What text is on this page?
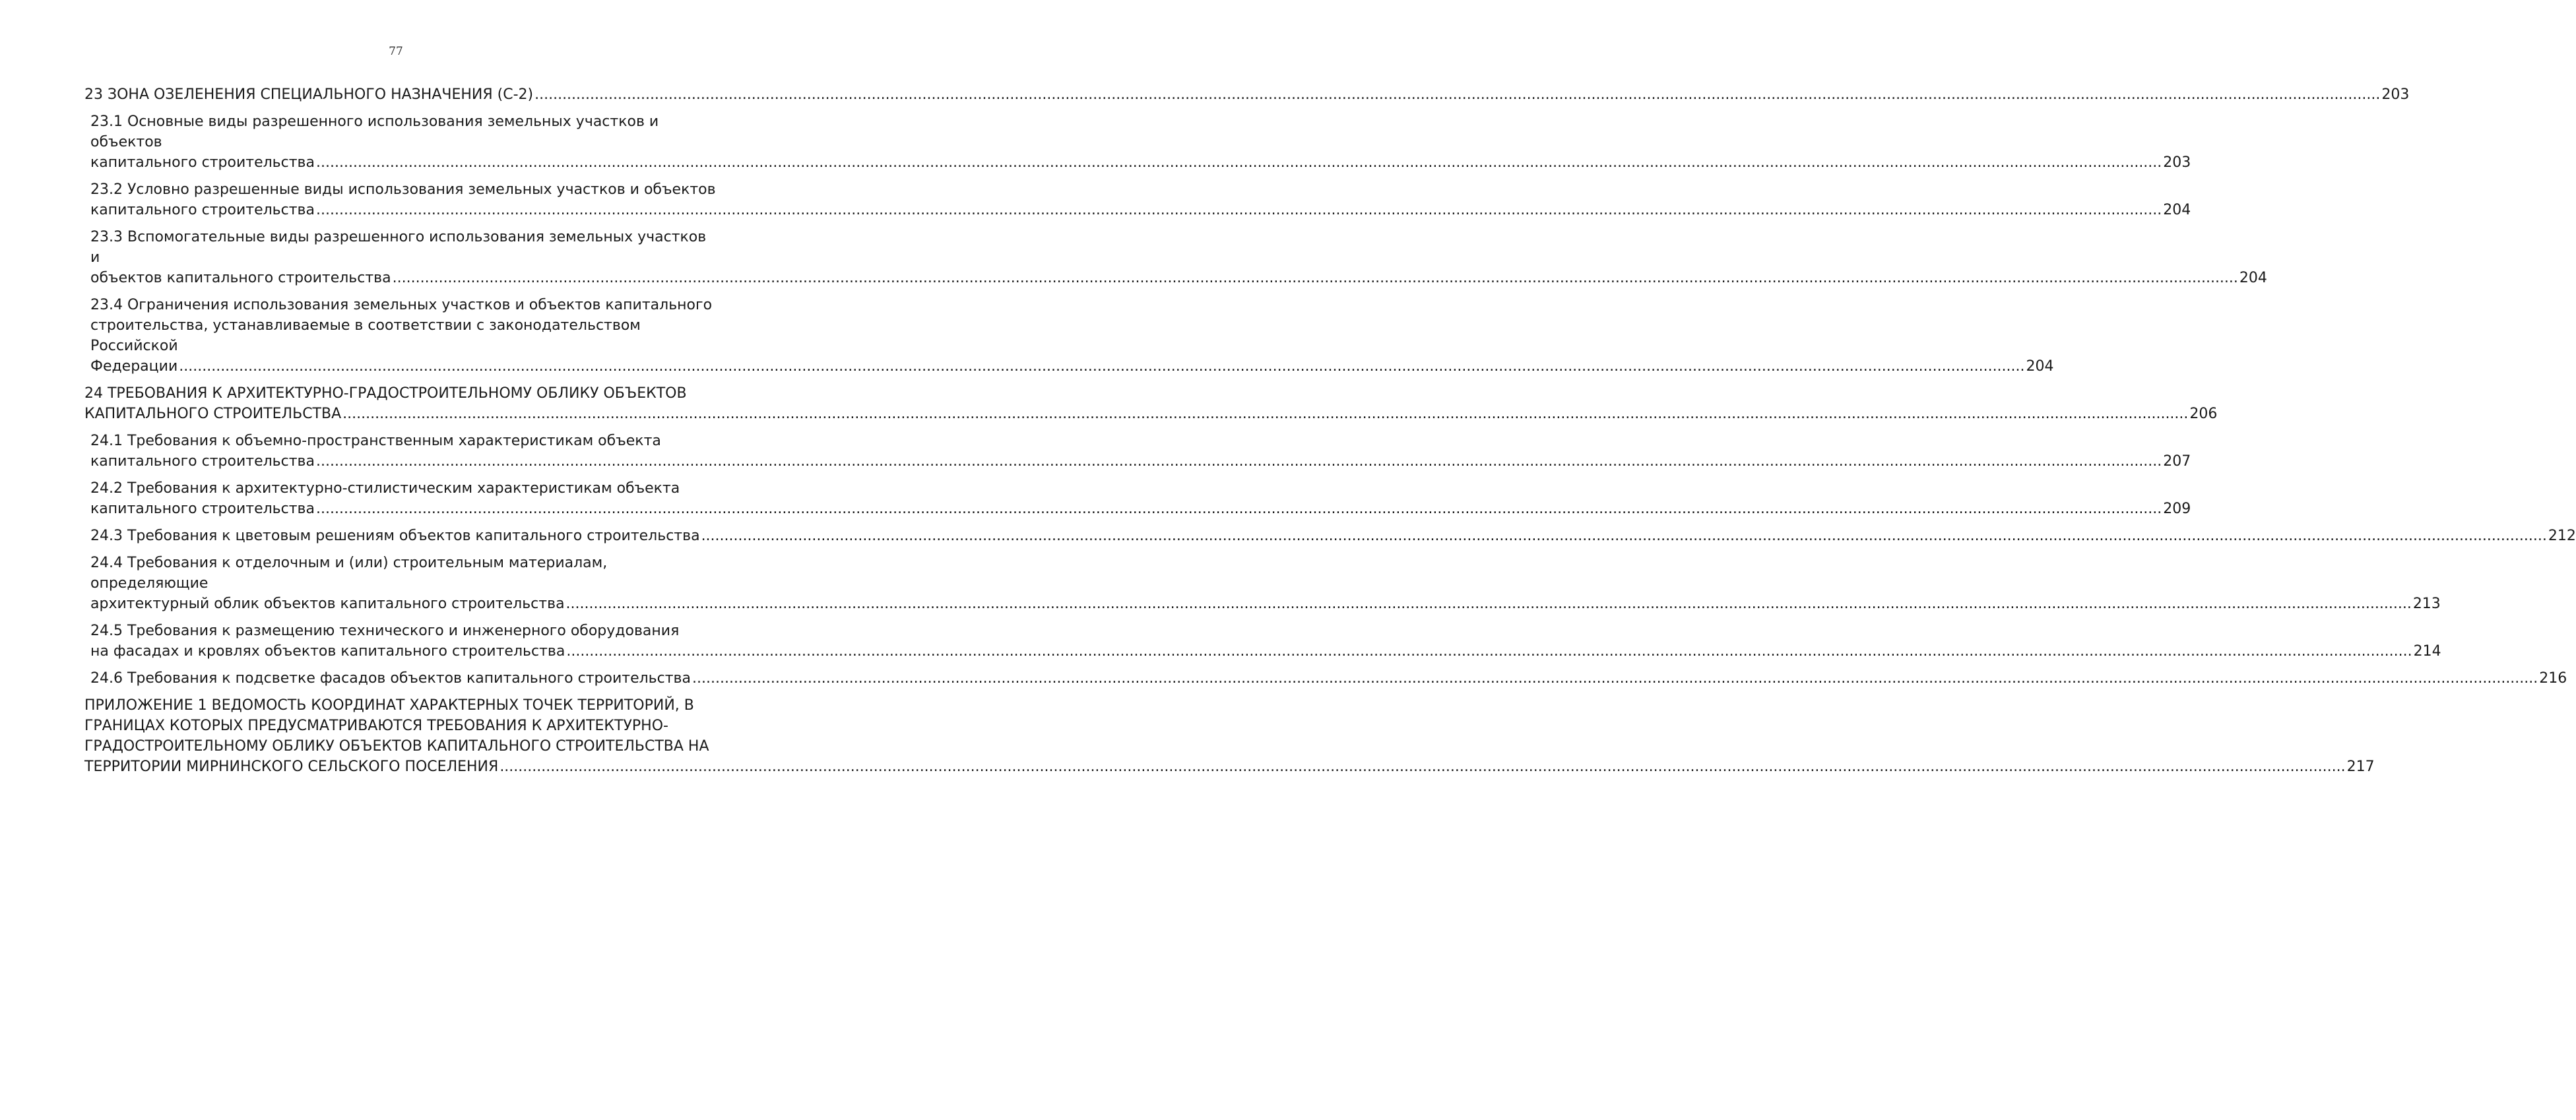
77
23 ЗОНА ОЗЕЛЕНЕНИЯ СПЕЦИАЛЬНОГО НАЗНАЧЕНИЯ (С-2) ................................................................................................................................................................................................................................................................................................................................................................................................................ 203
23.1 Основные виды разрешенного использования земельных участков и объектов
капитального строительства ................................................................................................................................................................................................................................................................................................................................................................................................................ 203
23.2 Условно разрешенные виды использования земельных участков и объектов
капитального строительства ................................................................................................................................................................................................................................................................................................................................................................................................................ 204
23.3 Вспомогательные виды разрешенного использования земельных участков и
объектов капитального строительства ................................................................................................................................................................................................................................................................................................................................................................................................................ 204
23.4 Ограничения использования земельных участков и объектов капитального
строительства, устанавливаемые в соответствии с законодательством Российской
Федерации ................................................................................................................................................................................................................................................................................................................................................................................................................ 204
24 ТРЕБОВАНИЯ К АРХИТЕКТУРНО-ГРАДОСТРОИТЕЛЬНОМУ ОБЛИКУ ОБЪЕКТОВ
КАПИТАЛЬНОГО СТРОИТЕЛЬСТВА ................................................................................................................................................................................................................................................................................................................................................................................................................ 206
24.1 Требования к объемно-пространственным характеристикам объекта
капитального строительства ................................................................................................................................................................................................................................................................................................................................................................................................................ 207
24.2 Требования к архитектурно-стилистическим характеристикам объекта
капитального строительства ................................................................................................................................................................................................................................................................................................................................................................................................................ 209
24.3 Требования к цветовым решениям объектов капитального строительства ................................................................................................................................................................................................................................................................................................................................................................................................................ 212
24.4 Требования к отделочным и (или) строительным материалам, определяющие
архитектурный облик объектов капитального строительства ................................................................................................................................................................................................................................................................................................................................................................................................................ 213
24.5 Требования к размещению технического и инженерного оборудования
на фасадах и кровлях объектов капитального строительства ................................................................................................................................................................................................................................................................................................................................................................................................................ 214
24.6 Требования к подсветке фасадов объектов капитального строительства ................................................................................................................................................................................................................................................................................................................................................................................................................ 216
ПРИЛОЖЕНИЕ 1 ВЕДОМОСТЬ КООРДИНАТ ХАРАКТЕРНЫХ ТОЧЕК ТЕРРИТОРИЙ, В
ГРАНИЦАХ КОТОРЫХ ПРЕДУСМАТРИВАЮТСЯ ТРЕБОВАНИЯ К АРХИТЕКТУРНО-
ГРАДОСТРОИТЕЛЬНОМУ ОБЛИКУ ОБЪЕКТОВ КАПИТАЛЬНОГО СТРОИТЕЛЬСТВА НА
ТЕРРИТОРИИ МИРНИНСКОГО СЕЛЬСКОГО ПОСЕЛЕНИЯ ................................................................................................................................................................................................................................................................................................................................................................................................................ 217
